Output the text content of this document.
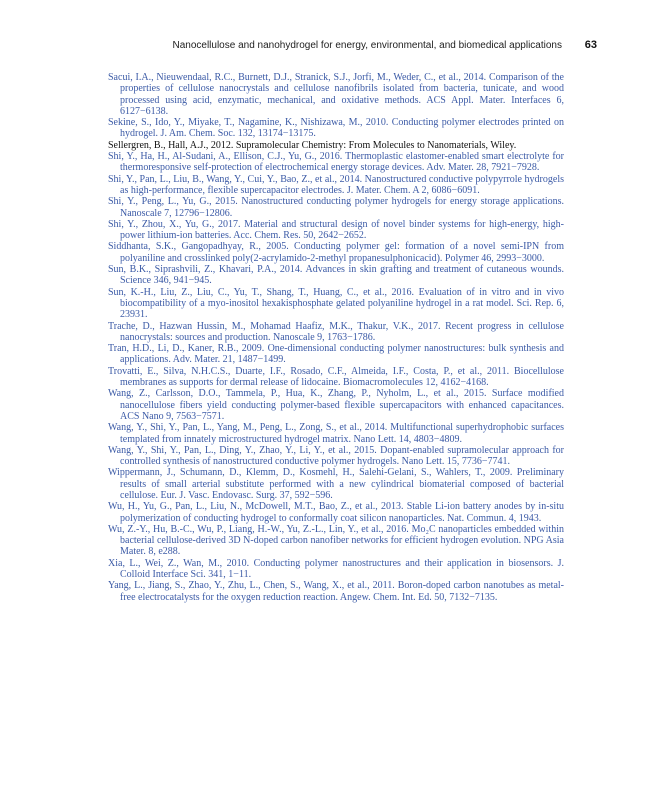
Nanocellulose and nanohydrogel for energy, environmental, and biomedical applications 63
Sacui, I.A., Nieuwendaal, R.C., Burnett, D.J., Stranick, S.J., Jorfi, M., Weder, C., et al., 2014. Comparison of the properties of cellulose nanocrystals and cellulose nanofibrils isolated from bacteria, tunicate, and wood processed using acid, enzymatic, mechanical, and oxidative methods. ACS Appl. Mater. Interfaces 6, 6127−6138.
Sekine, S., Ido, Y., Miyake, T., Nagamine, K., Nishizawa, M., 2010. Conducting polymer electrodes printed on hydrogel. J. Am. Chem. Soc. 132, 13174−13175.
Sellergren, B., Hall, A.J., 2012. Supramolecular Chemistry: From Molecules to Nanomaterials, Wiley.
Shi, Y., Ha, H., Al-Sudani, A., Ellison, C.J., Yu, G., 2016. Thermoplastic elastomer-enabled smart electrolyte for thermoresponsive self-protection of electrochemical energy storage devices. Adv. Mater. 28, 7921−7928.
Shi, Y., Pan, L., Liu, B., Wang, Y., Cui, Y., Bao, Z., et al., 2014. Nanostructured conductive polypyrrole hydrogels as high-performance, flexible supercapacitor electrodes. J. Mater. Chem. A 2, 6086−6091.
Shi, Y., Peng, L., Yu, G., 2015. Nanostructured conducting polymer hydrogels for energy storage applications. Nanoscale 7, 12796−12806.
Shi, Y., Zhou, X., Yu, G., 2017. Material and structural design of novel binder systems for high-energy, high-power lithium-ion batteries. Acc. Chem. Res. 50, 2642−2652.
Siddhanta, S.K., Gangopadhyay, R., 2005. Conducting polymer gel: formation of a novel semi-IPN from polyaniline and crosslinked poly(2-acrylamido-2-methyl propanesulphonicacid). Polymer 46, 2993−3000.
Sun, B.K., Siprashvili, Z., Khavari, P.A., 2014. Advances in skin grafting and treatment of cutaneous wounds. Science 346, 941−945.
Sun, K.-H., Liu, Z., Liu, C., Yu, T., Shang, T., Huang, C., et al., 2016. Evaluation of in vitro and in vivo biocompatibility of a myo-inositol hexakisphosphate gelated polyaniline hydrogel in a rat model. Sci. Rep. 6, 23931.
Trache, D., Hazwan Hussin, M., Mohamad Haafiz, M.K., Thakur, V.K., 2017. Recent progress in cellulose nanocrystals: sources and production. Nanoscale 9, 1763−1786.
Tran, H.D., Li, D., Kaner, R.B., 2009. One-dimensional conducting polymer nanostructures: bulk synthesis and applications. Adv. Mater. 21, 1487−1499.
Trovatti, E., Silva, N.H.C.S., Duarte, I.F., Rosado, C.F., Almeida, I.F., Costa, P., et al., 2011. Biocellulose membranes as supports for dermal release of lidocaine. Biomacromolecules 12, 4162−4168.
Wang, Z., Carlsson, D.O., Tammela, P., Hua, K., Zhang, P., Nyholm, L., et al., 2015. Surface modified nanocellulose fibers yield conducting polymer-based flexible supercapacitors with enhanced capacitances. ACS Nano 9, 7563−7571.
Wang, Y., Shi, Y., Pan, L., Yang, M., Peng, L., Zong, S., et al., 2014. Multifunctional superhydrophobic surfaces templated from innately microstructured hydrogel matrix. Nano Lett. 14, 4803−4809.
Wang, Y., Shi, Y., Pan, L., Ding, Y., Zhao, Y., Li, Y., et al., 2015. Dopant-enabled supramolecular approach for controlled synthesis of nanostructured conductive polymer hydrogels. Nano Lett. 15, 7736−7741.
Wippermann, J., Schumann, D., Klemm, D., Kosmehl, H., Salehi-Gelani, S., Wahlers, T., 2009. Preliminary results of small arterial substitute performed with a new cylindrical biomaterial composed of bacterial cellulose. Eur. J. Vasc. Endovasc. Surg. 37, 592−596.
Wu, H., Yu, G., Pan, L., Liu, N., McDowell, M.T., Bao, Z., et al., 2013. Stable Li-ion battery anodes by in-situ polymerization of conducting hydrogel to conformally coat silicon nanoparticles. Nat. Commun. 4, 1943.
Wu, Z.-Y., Hu, B.-C., Wu, P., Liang, H.-W., Yu, Z.-L., Lin, Y., et al., 2016. Mo₂C nanoparticles embedded within bacterial cellulose-derived 3D N-doped carbon nanofiber networks for efficient hydrogen evolution. NPG Asia Mater. 8, e288.
Xia, L., Wei, Z., Wan, M., 2010. Conducting polymer nanostructures and their application in biosensors. J. Colloid Interface Sci. 341, 1−11.
Yang, L., Jiang, S., Zhao, Y., Zhu, L., Chen, S., Wang, X., et al., 2011. Boron-doped carbon nanotubes as metal-free electrocatalysts for the oxygen reduction reaction. Angew. Chem. Int. Ed. 50, 7132−7135.
